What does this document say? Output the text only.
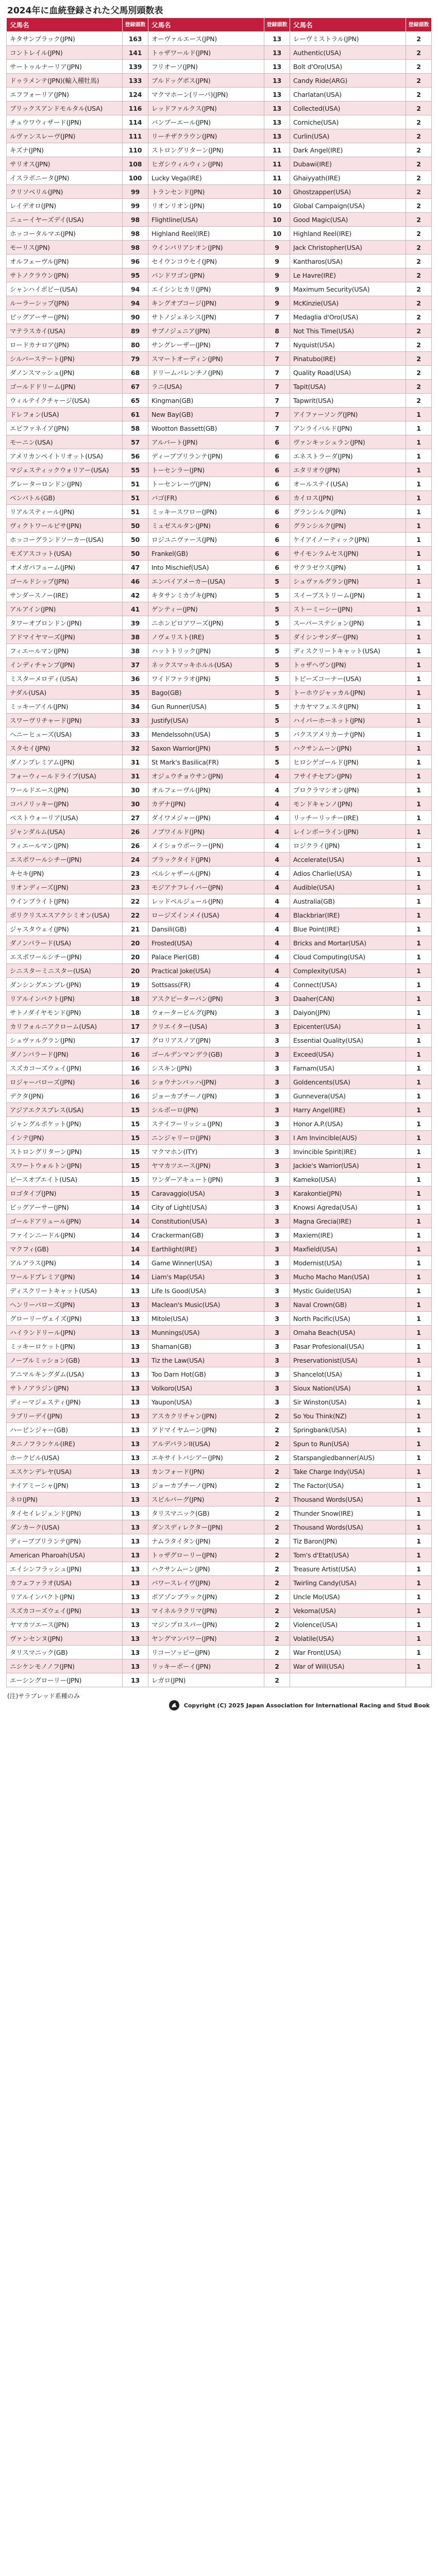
2024年に血統登録された父馬別頭数表
父馬名	登録頭数	父馬名	登録頭数	父馬名	登録頭数
キタサンブラック(JPN)	163	オーヴァルエース(JPN)	13	レーヴミストラル(JPN)	2
コントレイル(JPN)	141	トゥザワールド(JPN)	13	Authentic(USA)	2
サートゥルナーリア(JPN)	139	フリオーソ(JPN)	13	Bolt d'Oro(USA)	2
ドゥラメンテ(JPN)(輸入種牡馬)	133	ブルドッグボス(JPN)	13	Candy Ride(ARG)	2
エフフォーリア(JPN)	124	マクマホーン(リーパ)(JPN)	13	Charlatan(USA)	2
ブリックスアンドモルタル(USA)	116	レッドファルクス(JPN)	13	Collected(USA)	2
チュウワウィザード(JPN)	114	バンブーエール(JPN)	13	Corniche(USA)	2
ルヴァンスレーヴ(JPN)	111	リーチザクラウン(JPN)	13	Curlin(USA)	2
キズナ(JPN)	110	ストロングリターン(JPN)	11	Dark Angel(IRE)	2
サリオス(JPN)	108	ヒガシウィルウィン(JPN)	11	Dubawi(IRE)	2
イスラボニータ(JPN)	100	Lucky Vega(IRE)	11	Ghaiyyath(IRE)	2
クリソベリル(JPN)	99	トランセンド(JPN)	10	Ghostzapper(USA)	2
レイデオロ(JPN)	99	リオンリオン(JPN)	10	Global Campaign(USA)	2
ニューイヤーズデイ(USA)	98	Flightline(USA)	10	Good Magic(USA)	2
ホッコータルマエ(JPN)	98	Highland Reel(IRE)	10	Highland Reel(IRE)	2
モーリス(JPN)	98	ウインバリアシオン(JPN)	9	Jack Christopher(USA)	2
オルフェーヴル(JPN)	96	セイウンコウセイ(JPN)	9	Kantharos(USA)	2
サトノクラウン(JPN)	95	バンドワゴン(JPN)	9	Le Havre(IRE)	2
シャンハイボビー(USA)	94	エイシンヒカリ(JPN)	9	Maximum Security(USA)	2
ルーラーシップ(JPN)	94	キングオブコージ(JPN)	9	McKinzie(USA)	2
ビッグアーサー(JPN)	90	サトノジェネシス(JPN)	7	Medaglia d'Oro(USA)	2
マテラスカイ(USA)	89	サブノジュニア(JPN)	8	Not This Time(USA)	2
ロードカナロア(JPN)	80	サングレーザー(JPN)	7	Nyquist(USA)	2
シルバーステート(JPN)	79	スマートオーディン(JPN)	7	Pinatubo(IRE)	2
ダノンスマッシュ(JPN)	68	ドリームバレンチノ(JPN)	7	Quality Road(USA)	2
ゴールドドリーム(JPN)	67	ラニ(USA)	7	Tapit(USA)	2
ウィルテイクチャージ(USA)	65	Kingman(GB)	7	Tapwrit(USA)	2
ドレフォン(USA)	61	New Bay(GB)	7	アイファーソング(JPN)	1
エピファネイア(JPN)	58	Wootton Bassett(GB)	7	アンライバルド(JPN)	1
モーニン(USA)	57	アルバート(JPN)	6	ヴァンキッシュラン(JPN)	1
アメリカンペイトリオット(USA)	56	ディープブリランテ(JPN)	6	エネストラーダ(JPN)	1
マジェスティックウォリアー(USA)	55	トーセンラー(JPN)	6	エタリオウ(JPN)	1
グレーターロンドン(JPN)	51	トーセンレーヴ(JPN)	6	オールステイ(USA)	1
ベンバトル(GB)	51	バゴ(FR)	6	カイロス(JPN)	1
リアルスティール(JPN)	51	ミッキースワロー(JPN)	6	グランシルク(JPN)	1
ヴィクトワールピサ(JPN)	50	ミュゼスルタン(JPN)	6	グランシルク(JPN)	1
ホッコーグランドソーカー(USA)	50	ロジユニヴァース(JPN)	6	ケイアイノーティック(JPN)	1
モズアスコット(USA)	50	Frankel(GB)	6	サイモンラムセス(JPN)	1
オメガパフューム(JPN)	47	Into Mischief(USA)	6	サクラゼウス(JPN)	1
ゴールドシップ(JPN)	46	エンパイアメーカー(USA)	5	シュヴァルグラン(JPN)	1
サンダースノー(IRE)	42	キタサンミカヅキ(JPN)	5	スイープストリーム(JPN)	1
アルアイン(JPN)	41	ゲンティー(JPN)	5	ストーミーシー(JPN)	1
タワーオブロンドン(JPN)	39	ニホンピロアワーズ(JPN)	5	スーパーステション(JPN)	1
アドマイヤマーズ(JPN)	38	ノヴェリスト(IRE)	5	ダイシンサンダー(JPN)	1
フィエールマン(JPN)	38	ハットトリック(JPN)	5	ディスクリートキャット(USA)	1
インディチャンプ(JPN)	37	ネックスマッキホルル(USA)	5	トゥザヘヴン(JPN)	1
ミスターメロディ(USA)	36	ワイドファラオ(JPN)	5	トビーズコーナー(USA)	1
ナダル(USA)	35	Bago(GB)	5	トーホウジャッカル(JPN)	1
ミッキーアイル(JPN)	34	Gun Runner(USA)	5	ナカヤマフェスタ(JPN)	1
スワーヴリチャード(JPN)	33	Justify(USA)	5	ハイパーホーネット(JPN)	1
ヘニーヒューズ(USA)	33	Mendelssohn(USA)	5	バクスアメリカーナ(JPN)	1
スタセイ(JPN)	32	Saxon Warrior(JPN)	5	ハクサンムーン(JPN)	1
ダノンプレミアム(JPN)	31	St Mark's Basilica(FR)	5	ヒロシゲゴールド(JPN)	1
フォーウィールドライブ(USA)	31	オジュウチョウサン(JPN)	4	フサイチセブン(JPN)	1
ワールドエース(JPN)	30	オルフェーヴル(JPN)	4	プロクラマシオン(JPN)	1
コパノリッキー(JPN)	30	カデナ(JPN)	4	モンドキャンノ(JPN)	1
ベストウォーリア(USA)	27	ダイワメジャー(JPN)	4	リッチーリッチー(IRE)	1
ジャンダルム(USA)	26	ノブワイルド(JPN)	4	レインボーライン(JPN)	1
フィエールマン(JPN)	26	メイショウボーラー(JPN)	4	ロジクライ(JPN)	1
エスポワールシチー(JPN)	24	ブラックタイド(JPN)	4	Accelerate(USA)	1
キセキ(JPN)	23	ベルシャザール(JPN)	4	Adios Charlie(USA)	1
リオンディーズ(JPN)	23	モジアナフレイバー(JPN)	4	Audible(USA)	1
ウインブライト(JPN)	22	レッドベルジュール(JPN)	4	Australia(GB)	1
ボリクリスエスアクシミオン(USA)	22	ロージズインメイ(USA)	4	Blackbriar(IRE)	1
ジャスタウェイ(JPN)	21	Dansili(GB)	4	Blue Point(IRE)	1
ダノンバラード(USA)	20	Frosted(USA)	4	Bricks and Mortar(USA)	1
エスポワールシチー(JPN)	20	Palace Pier(GB)	4	Cloud Computing(USA)	1
シニスターミニスター(USA)	20	Practical Joke(USA)	4	Complexity(USA)	1
ダンシングエンブレ(JPN)	19	Sottsass(FR)	4	Connect(USA)	1
リアルインパクト(JPN)	18	アスクピーターパン(JPN)	3	Daaher(CAN)	1
サトノダイヤモンド(JPN)	18	ウォーターピルグ(JPN)	3	Daiyon(JPN)	1
カリフォルニアクローム(USA)	17	クリエイター(USA)	3	Epicenter(USA)	1
シュヴァルグラン(JPN)	17	グロリアスノア(JPN)	3	Essential Quality(USA)	1
ダノンバラード(JPN)	16	ゴールデンマンデラ(GB)	3	Exceed(USA)	1
スズカコーズウェイ(JPN)	16	シスキン(JPN)	3	Farnam(USA)	1
ロジャーバローズ(JPN)	16	ショウナンバッハ(JPN)	3	Goldencents(USA)	1
デクタ(JPN)	16	ジョーカプチーノ(JPN)	3	Gunnevera(USA)	1
アジアエクスプレス(USA)	15	シルボーロ(JPN)	3	Harry Angel(IRE)	1
ジャングルポケット(JPN)	15	ステイフーリッシュ(JPN)	3	Honor A.P.(USA)	1
インテ(JPN)	15	ニンジャリーロ(JPN)	3	I Am Invincible(AUS)	1
ストロングリターン(JPN)	15	マクマホン(ITY)	3	Invincible Spirit(IRE)	1
スワートウォルトン(JPN)	15	ヤマカツエース(JPN)	3	Jackie's Warrior(USA)	1
ピースオブエイト(USA)	15	ワンダーアキュート(JPN)	3	Kameko(USA)	1
ロゴタイプ(JPN)	15	Caravaggio(USA)	3	Karakontie(JPN)	1
ビッグアーサー(JPN)	14	City of Light(USA)	3	Knowsi Agreda(USA)	1
ゴールドアリュール(JPN)	14	Constitution(USA)	3	Magna Grecia(IRE)	1
ファインニードル(JPN)	14	Crackerman(GB)	3	Maxiem(IRE)	1
マクフィ(GB)	14	Earthlight(IRE)	3	Maxfield(USA)	1
アルアラス(JPN)	14	Game Winner(USA)	3	Modernist(USA)	1
ワールドプレミア(JPN)	14	Liam's Map(USA)	3	Mucho Macho Man(USA)	1
ディスクリートキャット(USA)	13	Life Is Good(USA)	3	Mystic Guide(USA)	1
ヘンリーバローズ(JPN)	13	Maclean's Music(USA)	3	Naval Crown(GB)	1
グローリーヴェイズ(JPN)	13	Mitole(USA)	3	North Pacific(USA)	1
ハイランドリール(JPN)	13	Munnings(USA)	3	Omaha Beach(USA)	1
ミッキーロケット(JPN)	13	Shaman(GB)	3	Pasar Profesional(USA)	1
ノーブルミッション(GB)	13	Tiz the Law(USA)	3	Preservationist(USA)	1
アニマルキングダム(USA)	13	Too Darn Hot(GB)	3	Shancelot(USA)	1
サトノアラジン(JPN)	13	Volkoro(USA)	3	Sioux Nation(USA)	1
ディーマジェスティ(JPN)	13	Yaupon(USA)	3	Sir Winston(USA)	1
ラブリーデイ(JPN)	13	アスカクリチャン(JPN)	2	So You Think(NZ)	1
ハービンジャー(GB)	13	アドマイヤムーン(JPN)	2	Springbank(USA)	1
タニノフランケル(IRE)	13	アルデバランII(USA)	2	Spun to Run(USA)	1
ホークビル(USA)	13	エキサイトバシアー(JPN)	2	Starspangledbanner(AUS)	1
エスケンデレヤ(USA)	13	カンフォード(JPN)	2	Take Charge Indy(USA)	1
ナイアミーシャ(JPN)	13	ジョーカプチーノ(JPN)	2	The Factor(USA)	1
ネロ(JPN)	13	スピルバーグ(JPN)	2	Thousand Words(USA)	1
タイセイレジェンド(JPN)	13	タリスマニック(GB)	2	Thunder Snow(IRE)	1
ダンカーク(USA)	13	ダンスディレクター(JPN)	2	Thousand Words(USA)	1
ディープブリランテ(JPN)	13	ナムラタイタン(JPN)	2	Tiz Baron(JPN)	1
American Pharoah(USA)	13	トゥザグローリー(JPN)	2	Tom's d'Etat(USA)	1
エイシンフラッシュ(JPN)	13	ハクサンムーン(JPN)	2	Treasure Artist(USA)	1
カフェファラオ(USA)	13	パワースレイヴ(JPN)	2	Twirling Candy(USA)	1
リアルインパクト(JPN)	13	ポアゾンブラック(JPN)	2	Uncle Mo(USA)	1
スズカコーズウェイ(JPN)	13	マイネルラクリマ(JPN)	2	Vekoma(USA)	1
ヤマカツエース(JPN)	13	マジンプロスパー(JPN)	2	Violence(USA)	1
ヴァンセンヌ(JPN)	13	ヤングマンパワー(JPN)	2	Volatile(USA)	1
タリスマニック(GB)	13	リコーソッピー(JPN)	2	War Front(USA)	1
ニシケンモノノフ(JPN)	13	リッキーボーイ(JPN)	2	War of Will(USA)	1
エーシングローリー(JPN)	13	レガロ(JPN)	2		
(注)サラブレッド系種のみ
Copyright (C) 2025 Japan Association for International Racing and Stud Book
